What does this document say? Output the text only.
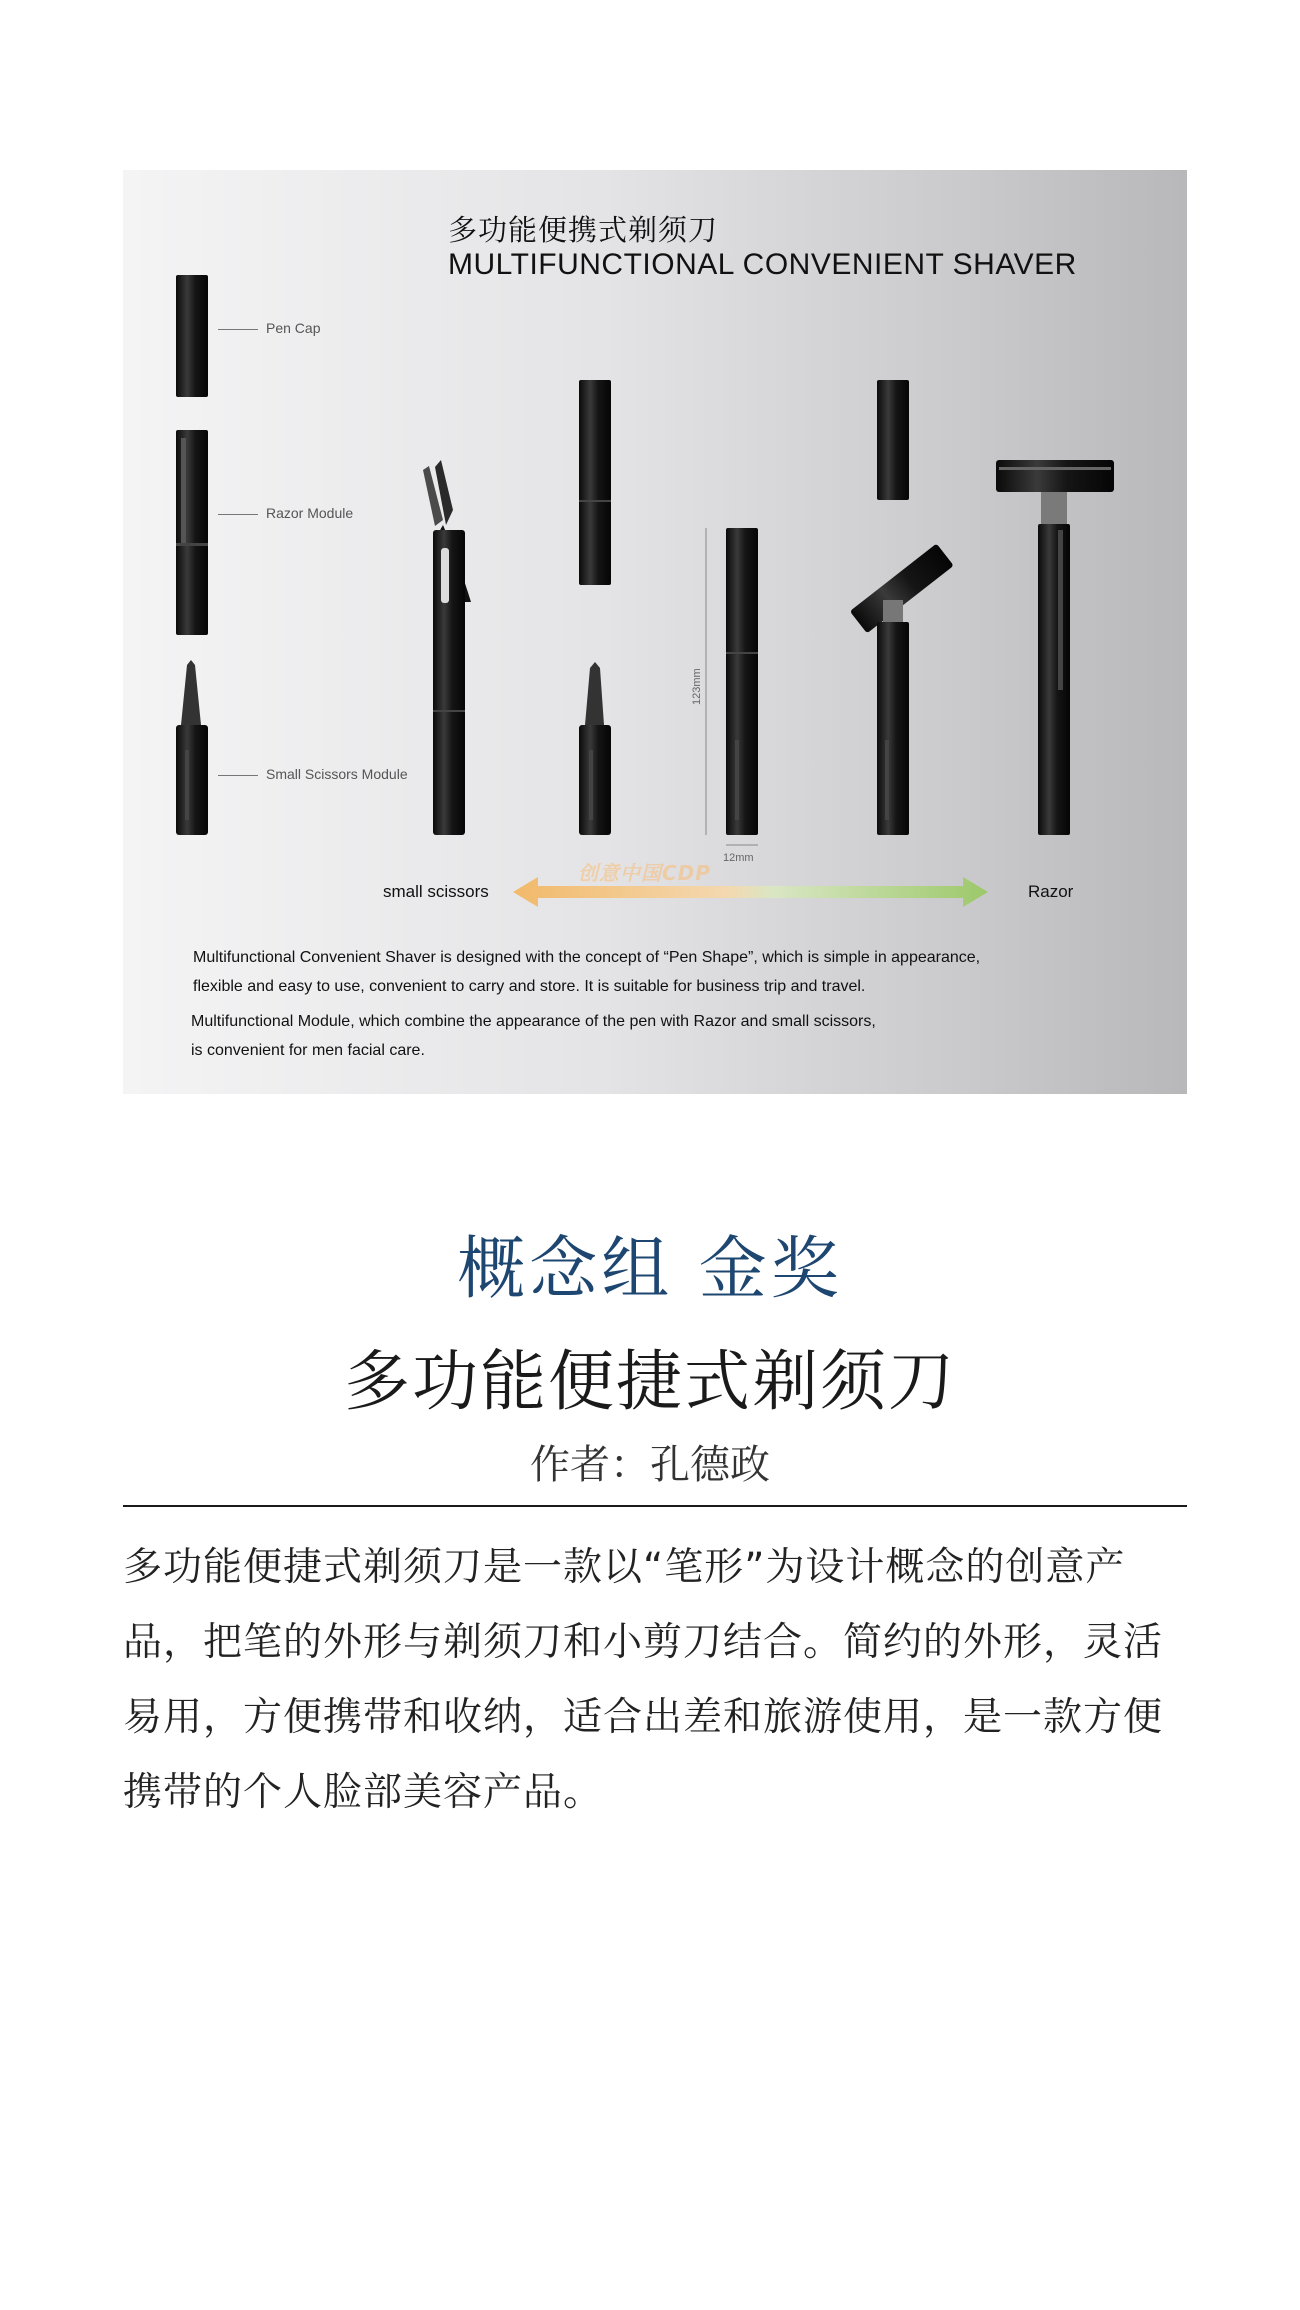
多功能便携式剃须刀
MULTIFUNCTIONAL CONVENIENT SHAVER
Pen Cap
Razor Module
Small Scissors Module
123mm
12mm
small scissors	Razor
创意中国CDP
Multifunctional Convenient Shaver is designed with the concept of “Pen Shape”, which is simple in appearance,
flexible and easy to use, convenient to carry and store. It is suitable for business trip and travel.
Multifunctional Module, which combine the appearance of the pen with Razor and small scissors,
is convenient for men facial care.
概念组 金奖
多功能便捷式剃须刀
作者：孔德政
多功能便捷式剃须刀是一款以“笔形”为设计概念的创意产品，把笔的外形与剃须刀和小剪刀结合。简约的外形，灵活易用，方便携带和收纳，适合出差和旅游使用，是一款方便携带的个人脸部美容产品。
